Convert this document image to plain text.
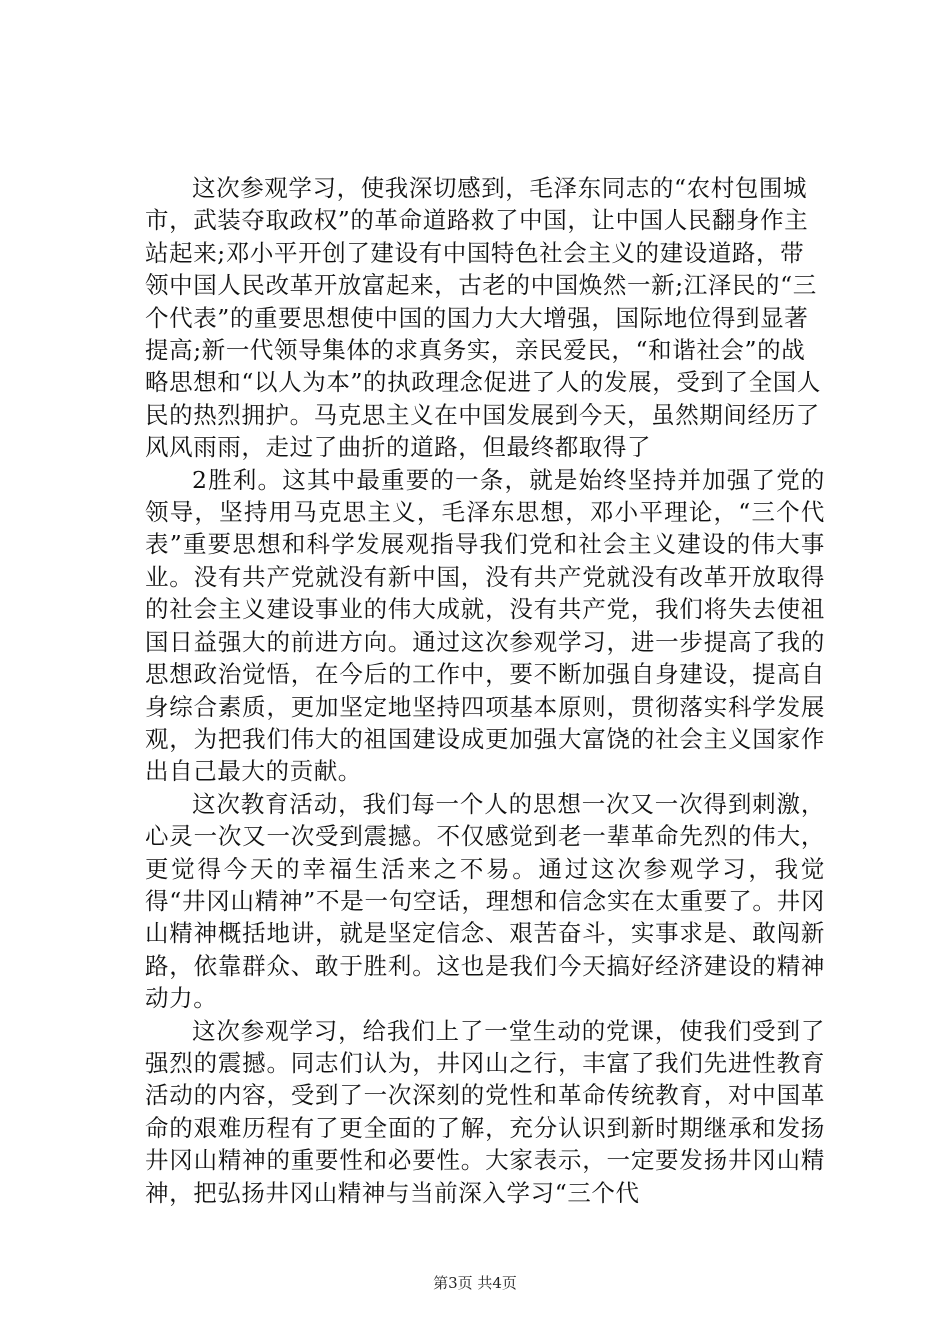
这次参观学习，使我深切感到，毛泽东同志的“农村包围城市，武装夺取政权”的革命道路救了中国，让中国人民翻身作主站起来;邓小平开创了建设有中国特色社会主义的建设道路，带领中国人民改革开放富起来，古老的中国焕然一新;江泽民的“三个代表”的重要思想使中国的国力大大增强，国际地位得到显著提高;新一代领导集体的求真务实，亲民爱民，“和谐社会”的战略思想和“以人为本”的执政理念促进了人的发展，受到了全国人民的热烈拥护。马克思主义在中国发展到今天，虽然期间经历了风风雨雨，走过了曲折的道路，但最终都取得了

2胜利。这其中最重要的一条，就是始终坚持并加强了党的领导，坚持用马克思主义，毛泽东思想，邓小平理论，“三个代表”重要思想和科学发展观指导我们党和社会主义建设的伟大事业。没有共产党就没有新中国，没有共产党就没有改革开放取得的社会主义建设事业的伟大成就，没有共产党，我们将失去使祖国日益强大的前进方向。通过这次参观学习，进一步提高了我的思想政治觉悟，在今后的工作中，要不断加强自身建设，提高自身综合素质，更加坚定地坚持四项基本原则，贯彻落实科学发展观，为把我们伟大的祖国建设成更加强大富饶的社会主义国家作出自己最大的贡献。

这次教育活动，我们每一个人的思想一次又一次得到刺激，心灵一次又一次受到震撼。不仅感觉到老一辈革命先烈的伟大，更觉得今天的幸福生活来之不易。通过这次参观学习，我觉得“井冈山精神”不是一句空话，理想和信念实在太重要了。井冈山精神概括地讲，就是坚定信念、艰苦奋斗，实事求是、敢闯新路，依靠群众、敢于胜利。这也是我们今天搞好经济建设的精神动力。

这次参观学习，给我们上了一堂生动的党课，使我们受到了强烈的震撼。同志们认为，井冈山之行，丰富了我们先进性教育活动的内容，受到了一次深刻的党性和革命传统教育，对中国革命的艰难历程有了更全面的了解，充分认识到新时期继承和发扬井冈山精神的重要性和必要性。大家表示，一定要发扬井冈山精神，把弘扬井冈山精神与当前深入学习“三个代

第3页 共4页
